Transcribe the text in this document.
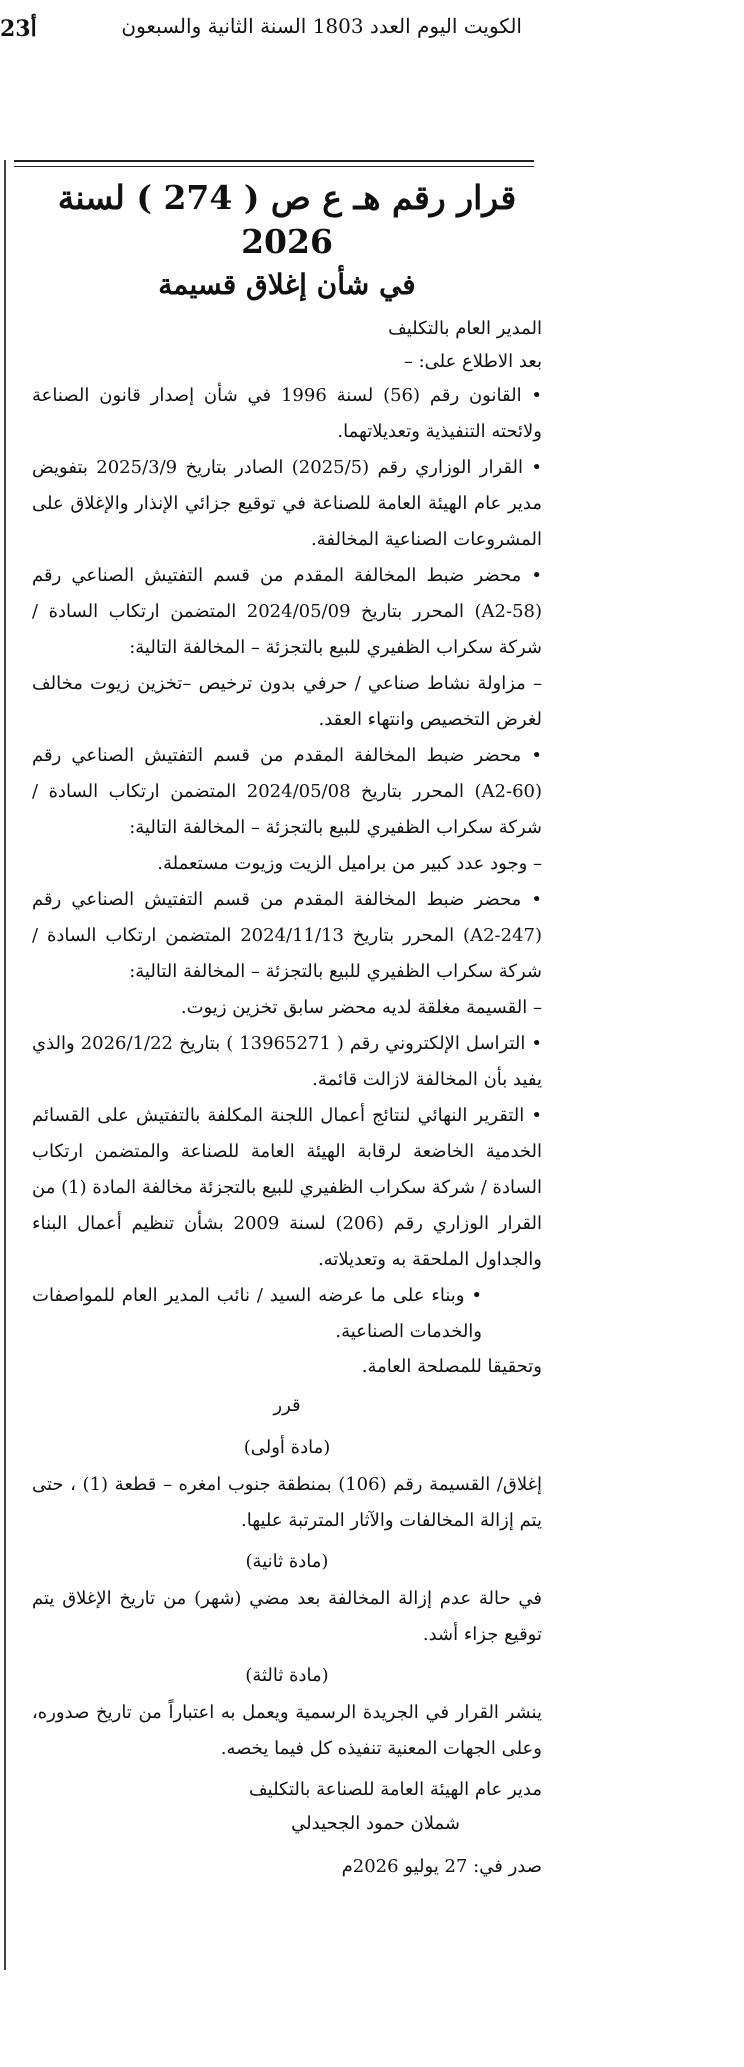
23أ	الكويت اليوم العدد 1803 السنة الثانية والسبعون

قرار رقم هـ ع ص ( 274 ) لسنة 2026

في شأن إغلاق قسيمة

المدير العام بالتكليف

بعد الاطلاع على: –

• القانون رقم (56) لسنة 1996 في شأن إصدار قانون الصناعة ولائحته التنفيذية وتعديلاتهما.

• القرار الوزاري رقم (2025/5) الصادر بتاريخ 2025/3/9 بتفويض مدير عام الهيئة العامة للصناعة في توقيع جزائي الإنذار والإغلاق على المشروعات الصناعية المخالفة.

• محضر ضبط المخالفة المقدم من قسم التفتيش الصناعي رقم (A2-58) المحرر بتاريخ 2024/05/09 المتضمن ارتكاب السادة / شركة سكراب الظفيري للبيع بالتجزئة – المخالفة التالية:

– مزاولة نشاط صناعي / حرفي بدون ترخيص –تخزين زيوت مخالف لغرض التخصيص وانتهاء العقد.

• محضر ضبط المخالفة المقدم من قسم التفتيش الصناعي رقم (A2-60) المحرر بتاريخ 2024/05/08 المتضمن ارتكاب السادة / شركة سكراب الظفيري للبيع بالتجزئة – المخالفة التالية:

– وجود عدد كبير من براميل الزيت وزيوت مستعملة.

• محضر ضبط المخالفة المقدم من قسم التفتيش الصناعي رقم (A2-247) المحرر بتاريخ 2024/11/13 المتضمن ارتكاب السادة / شركة سكراب الظفيري للبيع بالتجزئة – المخالفة التالية:

– القسيمة مغلقة لديه محضر سابق تخزين زيوت.

• التراسل الإلكتروني رقم ( 13965271 ) بتاريخ 2026/1/22 والذي يفيد بأن المخالفة لازالت قائمة.

• التقرير النهائي لنتائج أعمال اللجنة المكلفة بالتفتيش على القسائم الخدمية الخاضعة لرقابة الهيئة العامة للصناعة والمتضمن ارتكاب السادة / شركة سكراب الظفيري للبيع بالتجزئة مخالفة المادة (1) من القرار الوزاري رقم (206) لسنة 2009 بشأن تنظيم أعمال البناء والجداول الملحقة به وتعديلاته.

• وبناء على ما عرضه السيد / نائب المدير العام للمواصفات والخدمات الصناعية.

وتحقيقا للمصلحة العامة.

قرر

(مادة أولى)

إغلاق/ القسيمة رقم (106) بمنطقة جنوب امغره – قطعة (1) ، حتى يتم إزالة المخالفات والآثار المترتبة عليها.

(مادة ثانية)

في حالة عدم إزالة المخالفة بعد مضي (شهر) من تاريخ الإغلاق يتم توقيع جزاء أشد.

(مادة ثالثة)

ينشر القرار في الجريدة الرسمية ويعمل به اعتباراً من تاريخ صدوره، وعلى الجهات المعنية تنفيذه كل فيما يخصه.

مدير عام الهيئة العامة للصناعة بالتكليف

شملان حمود الجحيدلي

صدر في: 27 يوليو 2026م
